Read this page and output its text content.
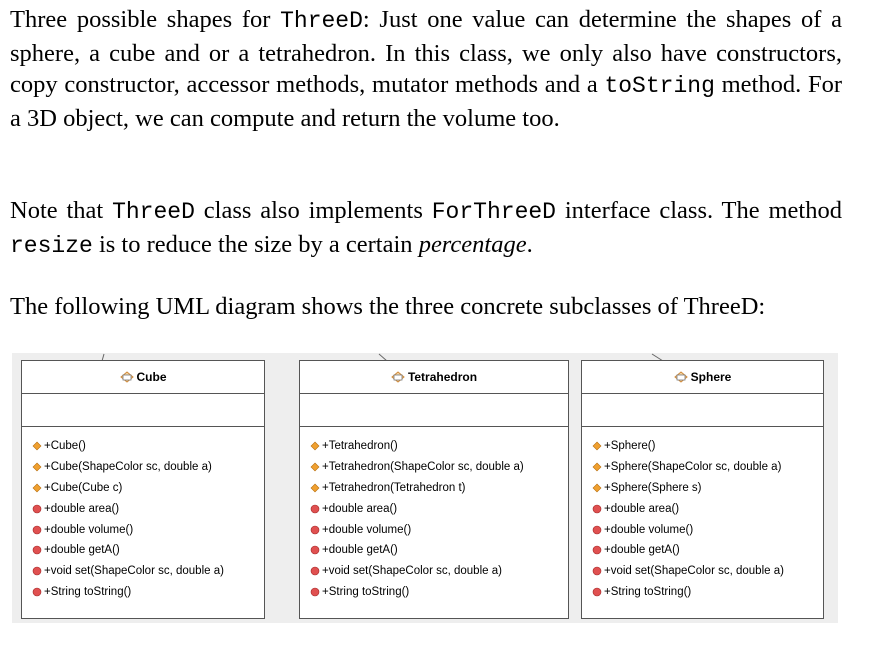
Three possible shapes for ThreeD: Just one value can determine the shapes of a sphere, a cube and or a tetrahedron. In this class, we only also have constructors, copy constructor, accessor methods, mutator methods and a toString method. For a 3D object, we can compute and return the volume too.

Note that ThreeD class also implements ForThreeD interface class. The method resize is to reduce the size by a certain percentage.

The following UML diagram shows the three concrete subclasses of ThreeD:

Cube
+Cube()
+Cube(ShapeColor sc, double a)
+Cube(Cube c)
+double area()
+double volume()
+double getA()
+void set(ShapeColor sc, double a)
+String toString()
Tetrahedron
+Tetrahedron()
+Tetrahedron(ShapeColor sc, double a)
+Tetrahedron(Tetrahedron t)
+double area()
+double volume()
+double getA()
+void set(ShapeColor sc, double a)
+String toString()
Sphere
+Sphere()
+Sphere(ShapeColor sc, double a)
+Sphere(Sphere s)
+double area()
+double volume()
+double getA()
+void set(ShapeColor sc, double a)
+String toString()
